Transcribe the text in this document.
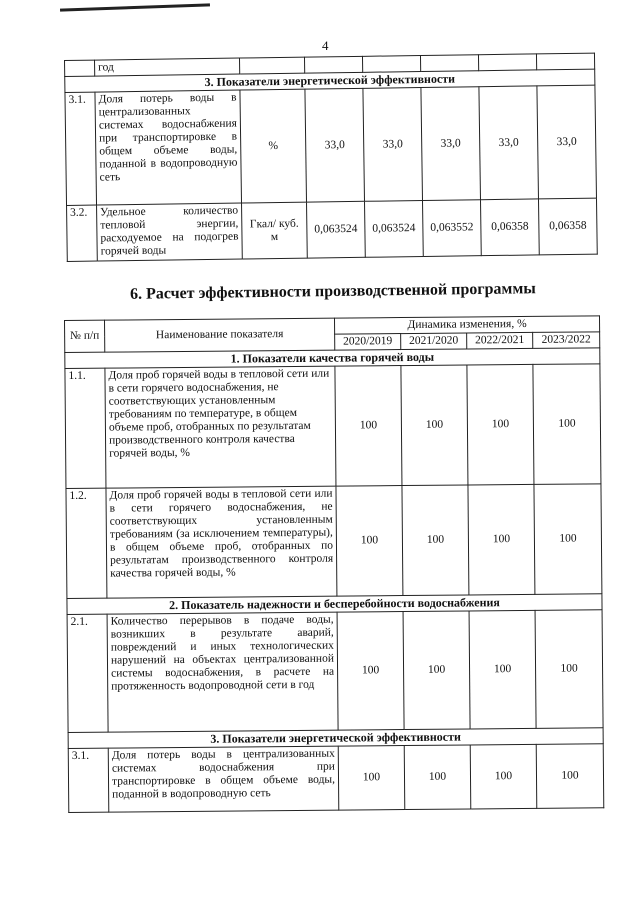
4
	год						
3. Показатели энергетической эффективности							
3.1.	Доля потерь воды в централизованных системах водоснабжения при транспортировке в общем объеме воды, поданной в водопроводную сеть	%	33,0	33,0	33,0	33,0	33,0
3.2.	Удельное количество тепловой энергии, расходуемое на подогрев горячей воды	Гкал/ куб. м	0,063524	0,063524	0,063552	0,06358	0,06358
6. Расчет эффективности производственной программы
№ п/п	Наименование показателя	Динамика изменения, %			
		2020/2019	2021/2020	2022/2021	2023/2022
1. Показатели качества горячей воды					
1.1.	Доля проб горячей воды в тепловой сети или в сети горячего водоснабжения, не соответствующих установленным требованиям по температуре, в общем объеме проб, отобранных по результатам производственного контроля качества горячей воды, %	100	100	100	100
1.2.	Доля проб горячей воды в тепловой сети или в сети горячего водоснабжения, не соответствующих установленным требованиям (за исключением температуры), в общем объеме проб, отобранных по результатам производственного контроля качества горячей воды, %	100	100	100	100
2. Показатель надежности и бесперебойности водоснабжения					
2.1.	Количество перерывов в подаче воды, возникших в результате аварий, повреждений и иных технологических нарушений на объектах централизованной системы водоснабжения, в расчете на протяженность водопроводной сети в год	100	100	100	100
3. Показатели энергетической эффективности					
3.1.	Доля потерь воды в централизованных системах водоснабжения при транспортировке в общем объеме воды, поданной в водопроводную сеть	100	100	100	100
